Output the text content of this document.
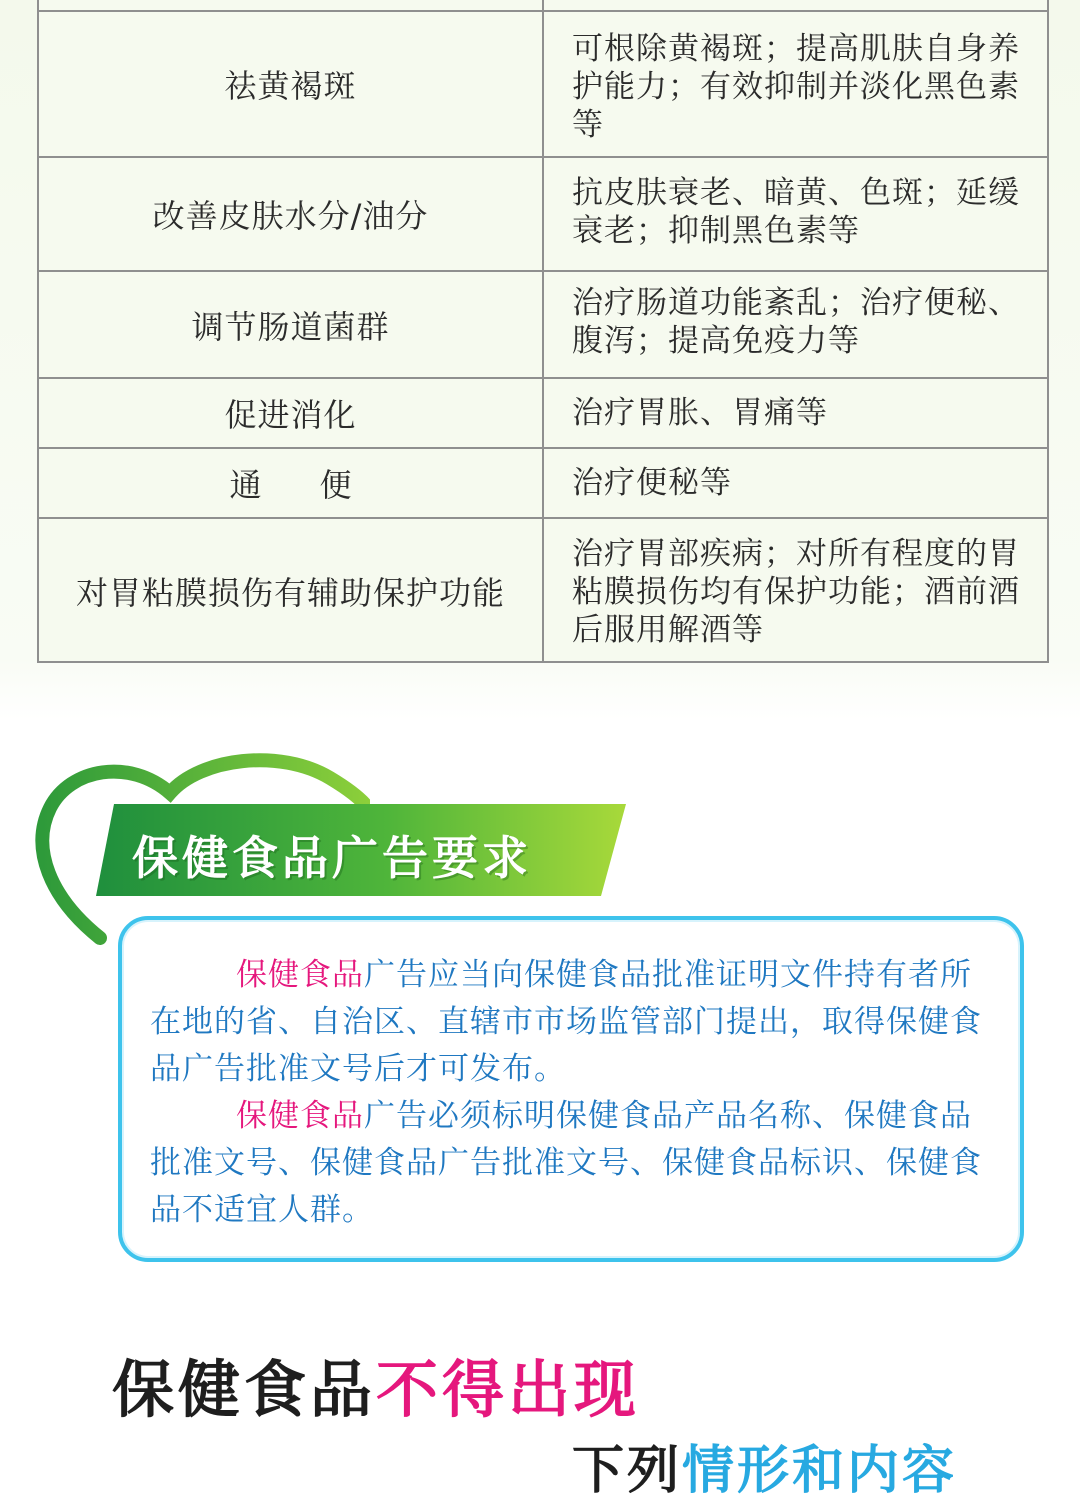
祛黄褐斑
可根除黄褐斑；提高肌肤自身养护能力；有效抑制并淡化黑色素等
改善皮肤水分/油分
抗皮肤衰老、暗黄、色斑；延缓衰老；抑制黑色素等
调节肠道菌群
治疗肠道功能紊乱；治疗便秘、腹泻；提高免疫力等
促进消化	治疗胃胀、胃痛等
通便	治疗便秘等
对胃粘膜损伤有辅助保护功能
治疗胃部疾病；对所有程度的胃粘膜损伤均有保护功能；酒前酒后服用解酒等
保健食品广告要求
保健食品广告应当向保健食品批准证明文件持有者所在地的省、自治区、直辖市市场监管部门提出，取得保健食品广告批准文号后才可发布。
保健食品广告必须标明保健食品产品名称、保健食品批准文号、保健食品广告批准文号、保健食品标识、保健食品不适宜人群。
保健食品不得出现
下列情形和内容
